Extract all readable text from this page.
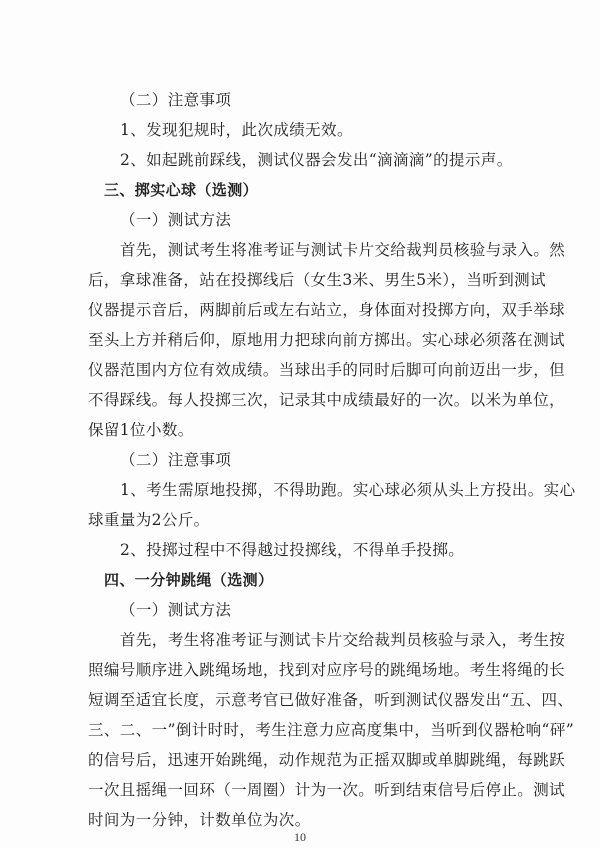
（二）注意事项
1、发现犯规时，此次成绩无效。
2、如起跳前踩线，测试仪器会发出“滴滴滴”的提示声。
三、掷实心球（选测）
（一）测试方法
首先，测试考生将准考证与测试卡片交给裁判员核验与录入。然
后，拿球准备，站在投掷线后（女生3米、男生5米），当听到测试
仪器提示音后，两脚前后或左右站立，身体面对投掷方向，双手举球
至头上方并稍后仰，原地用力把球向前方掷出。实心球必须落在测试
仪器范围内方位有效成绩。当球出手的同时后脚可向前迈出一步，但
不得踩线。每人投掷三次，记录其中成绩最好的一次。以米为单位，
保留1位小数。
（二）注意事项
1、考生需原地投掷，不得助跑。实心球必须从头上方投出。实心
球重量为2公斤。
2、投掷过程中不得越过投掷线，不得单手投掷。
四、一分钟跳绳（选测）
（一）测试方法
首先，考生将准考证与测试卡片交给裁判员核验与录入，考生按
照编号顺序进入跳绳场地，找到对应序号的跳绳场地。考生将绳的长
短调至适宜长度，示意考官已做好准备，听到测试仪器发出“五、四、
三、二、一”倒计时时，考生注意力应高度集中，当听到仪器枪响“砰”
的信号后，迅速开始跳绳，动作规范为正摇双脚或单脚跳绳，每跳跃
一次且摇绳一回环（一周圈）计为一次。听到结束信号后停止。测试
时间为一分钟，计数单位为次。
10
